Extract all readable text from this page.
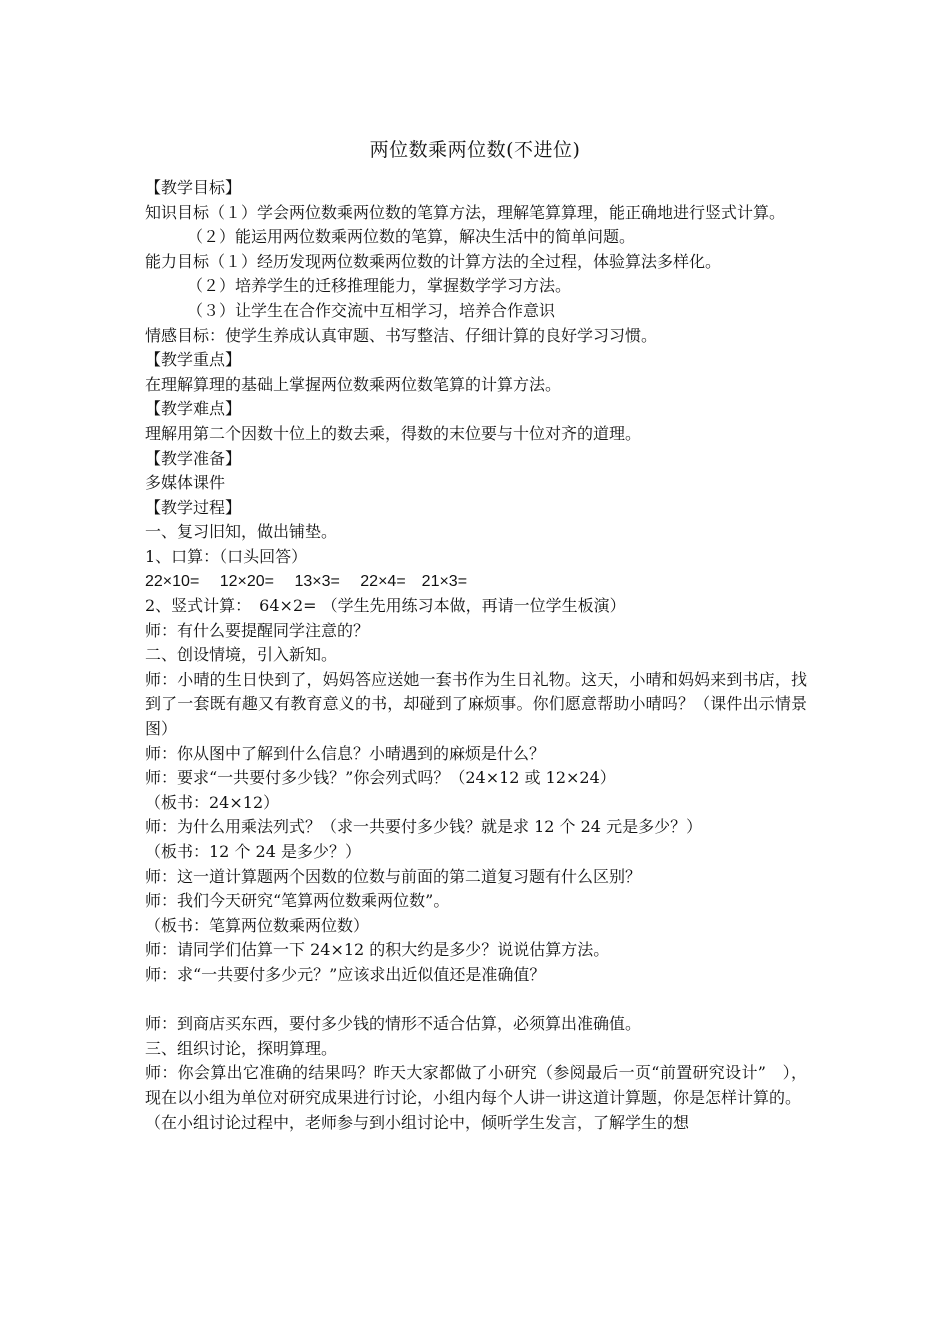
两位数乘两位数(不进位)

【教学目标】

知识目标（１）学会两位数乘两位数的笔算方法，理解笔算算理，能正确地进行竖式计算。

（２）能运用两位数乘两位数的笔算，解决生活中的简单问题。

能力目标（１）经历发现两位数乘两位数的计算方法的全过程，体验算法多样化。

（２）培养学生的迁移推理能力，掌握数学学习方法。

（３）让学生在合作交流中互相学习，培养合作意识

情感目标：使学生养成认真审题、书写整洁、仔细计算的良好学习习惯。

【教学重点】

在理解算理的基础上掌握两位数乘两位数笔算的计算方法。

【教学难点】

理解用第二个因数十位上的数去乘，得数的末位要与十位对齐的道理。

【教学准备】

多媒体课件

【教学过程】

一、复习旧知，做出铺垫。

1、口算：（口头回答）

22×10=　 12×20=　 13×3=　 22×4=　21×3=

2、竖式计算：　64×2= （学生先用练习本做，再请一位学生板演）

师：有什么要提醒同学注意的？

二、创设情境，引入新知。

师：小晴的生日快到了，妈妈答应送她一套书作为生日礼物。这天，小晴和妈妈来到书店，找到了一套既有趣又有教育意义的书，却碰到了麻烦事。你们愿意帮助小晴吗？（课件出示情景图）

师：你从图中了解到什么信息？小晴遇到的麻烦是什么？

师：要求“一共要付多少钱？”你会列式吗？（24×12 或 12×24）

（板书：24×12）

师：为什么用乘法列式？（求一共要付多少钱？就是求 12 个 24 元是多少？）

（板书：12 个 24 是多少？）

师：这一道计算题两个因数的位数与前面的第二道复习题有什么区别？

师：我们今天研究“笔算两位数乘两位数”。

（板书：笔算两位数乘两位数）

师：请同学们估算一下 24×12 的积大约是多少？说说估算方法。

师：求“一共要付多少元？”应该求出近似值还是准确值？

师：到商店买东西，要付多少钱的情形不适合估算，必须算出准确值。

三、组织讨论，探明算理。

师：你会算出它准确的结果吗？昨天大家都做了小研究（参阅最后一页“前置研究设计”　），现在以小组为单位对研究成果进行讨论，小组内每个人讲一讲这道计算题，你是怎样计算的。

（在小组讨论过程中，老师参与到小组讨论中，倾听学生发言，了解学生的想
